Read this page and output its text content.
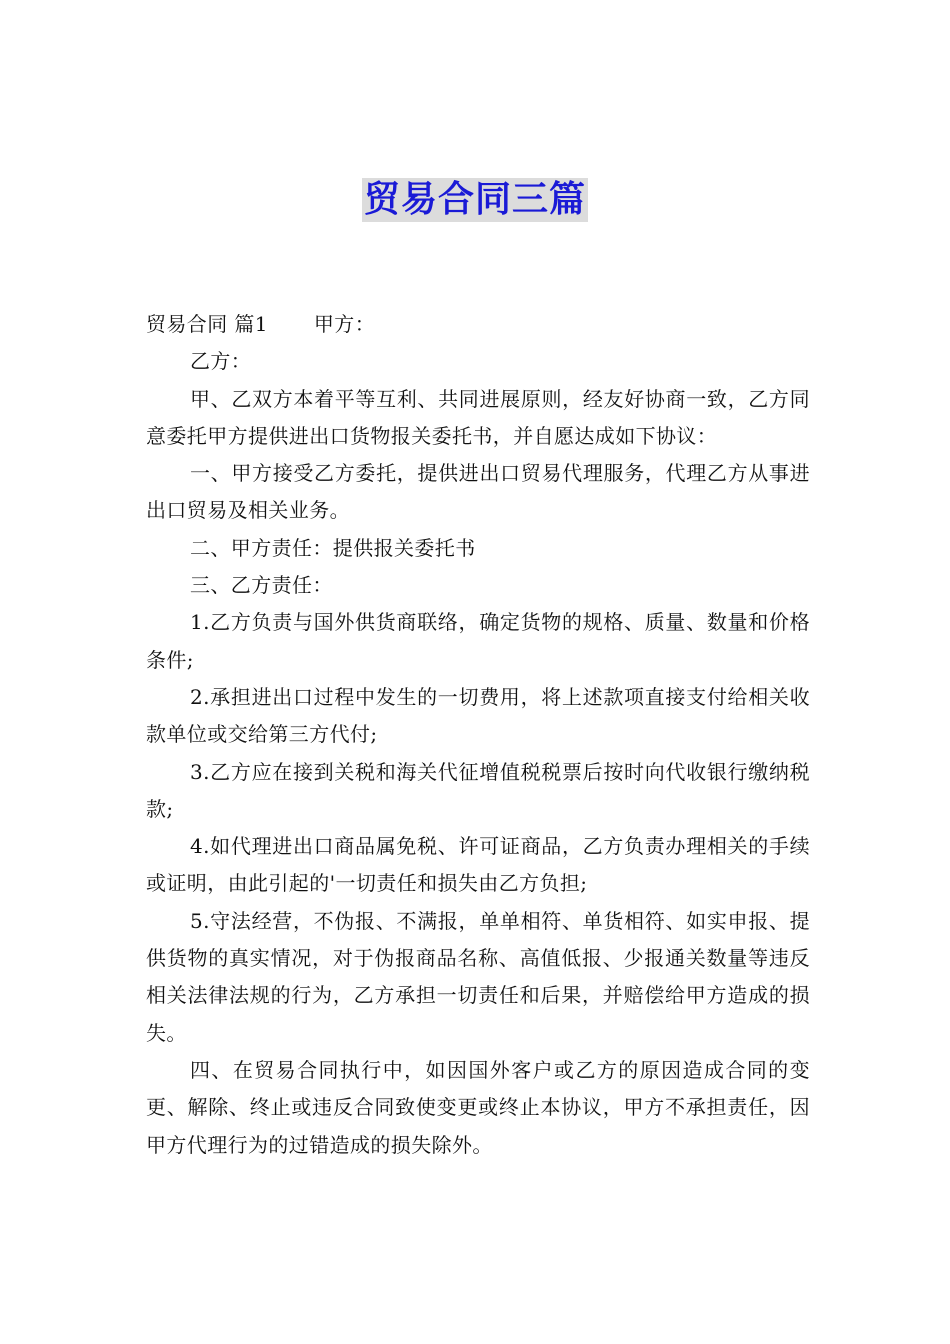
贸易合同三篇

贸易合同 篇1 甲方：

乙方：

甲、乙双方本着平等互利、共同进展原则，经友好协商一致，乙方同意委托甲方提供进出口货物报关委托书，并自愿达成如下协议：

一、甲方接受乙方委托，提供进出口贸易代理服务，代理乙方从事进出口贸易及相关业务。

二、甲方责任：提供报关委托书

三、乙方责任：

1.乙方负责与国外供货商联络，确定货物的规格、质量、数量和价格条件;

2.承担进出口过程中发生的一切费用，将上述款项直接支付给相关收款单位或交给第三方代付;

3.乙方应在接到关税和海关代征增值税税票后按时向代收银行缴纳税款;

4.如代理进出口商品属免税、许可证商品，乙方负责办理相关的手续或证明，由此引起的'一切责任和损失由乙方负担;

5.守法经营，不伪报、不满报，单单相符、单货相符、如实申报、提供货物的真实情况，对于伪报商品名称、高值低报、少报通关数量等违反相关法律法规的行为，乙方承担一切责任和后果，并赔偿给甲方造成的损失。

四、在贸易合同执行中，如因国外客户或乙方的原因造成合同的变更、解除、终止或违反合同致使变更或终止本协议，甲方不承担责任，因甲方代理行为的过错造成的损失除外。
